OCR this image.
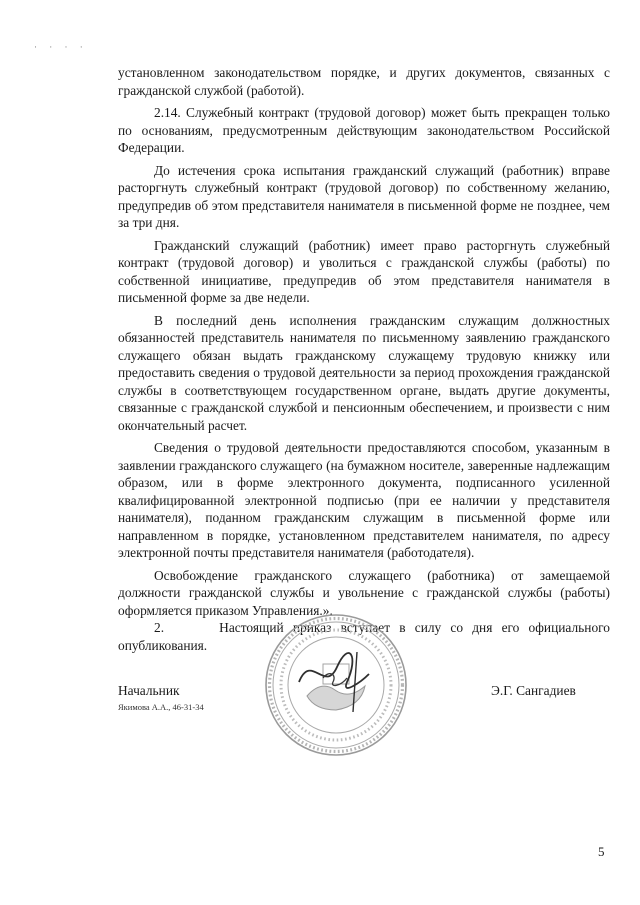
· · · ·

установленном законодательством порядке, и других документов, связанных с гражданской службой (работой).

2.14. Служебный контракт (трудовой договор) может быть прекращен только по основаниям, предусмотренным действующим законодательством Российской Федерации.

До истечения срока испытания гражданский служащий (работник) вправе расторгнуть служебный контракт (трудовой договор) по собственному желанию, предупредив об этом представителя нанимателя в письменной форме не позднее, чем за три дня.

Гражданский служащий (работник) имеет право расторгнуть служебный контракт (трудовой договор) и уволиться с гражданской службы (работы) по собственной инициативе, предупредив об этом представителя нанимателя в письменной форме за две недели.

В последний день исполнения гражданским служащим должностных обязанностей представитель нанимателя по письменному заявлению гражданского служащего обязан выдать гражданскому служащему трудовую книжку или предоставить сведения о трудовой деятельности за период прохождения гражданской службы в соответствующем государственном органе, выдать другие документы, связанные с гражданской службой и пенсионным обеспечением, и произвести с ним окончательный расчет.

Сведения о трудовой деятельности предоставляются способом, указанным в заявлении гражданского служащего (на бумажном носителе, заверенные надлежащим образом, или в форме электронного документа, подписанного усиленной квалифицированной электронной подписью (при ее наличии у представителя нанимателя), поданном гражданским служащим в письменной форме или направленном в порядке, установленном представителем нанимателя, по адресу электронной почты представителя нанимателя (работодателя).

Освобождение гражданского служащего (работника) от замещаемой должности гражданской службы и увольнение с гражданской службы (работы) оформляется приказом Управления.».

2.      Настоящий приказ вступает в силу со дня его официального опубликования.

Начальник	Э.Г. Сангадиев
Якимова А.А., 46-31-34
5
